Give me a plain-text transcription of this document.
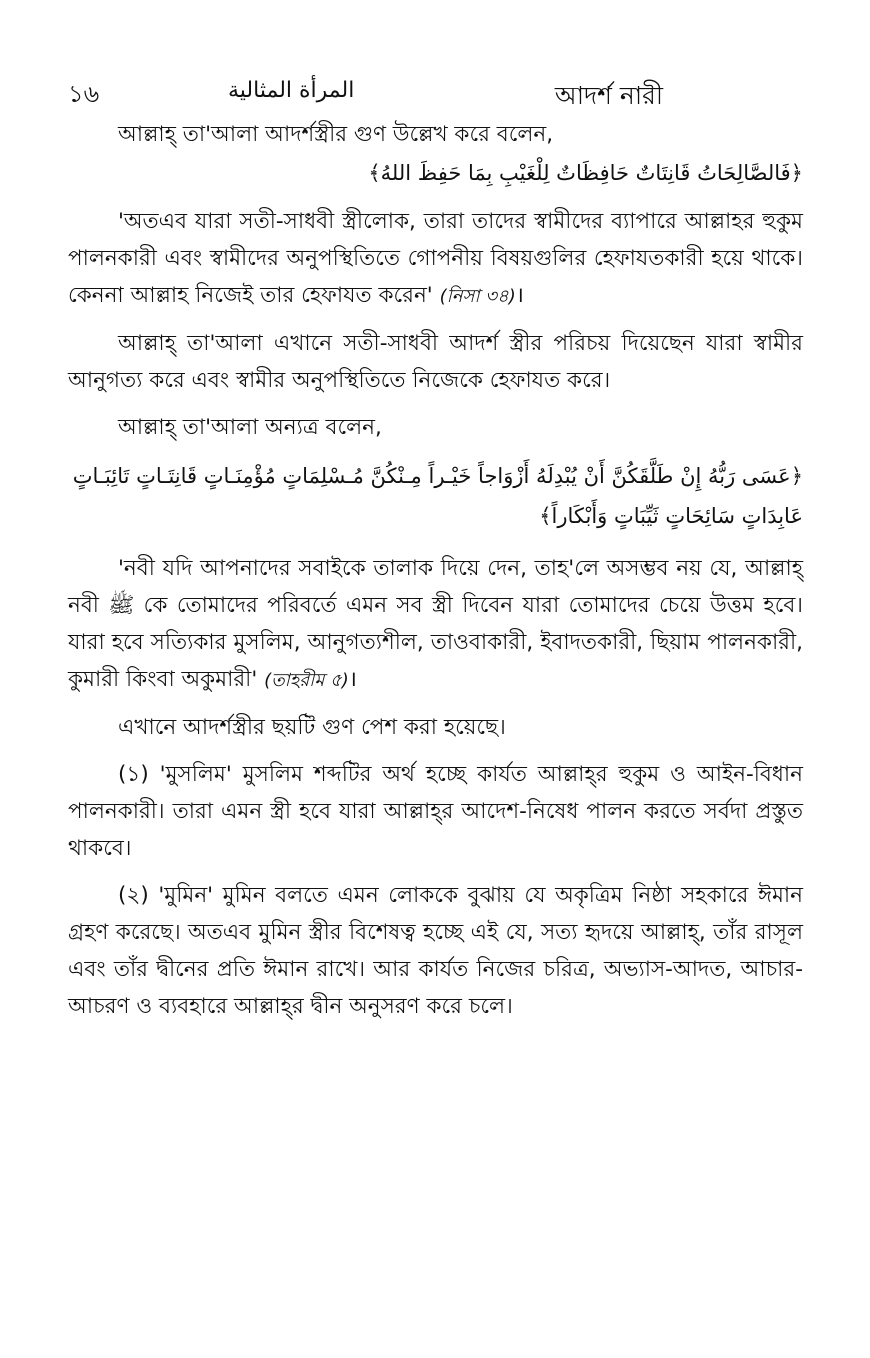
১৬	المرأة المثالية	আদর্শ নারী

আল্লাহ্‌ তা'আলা আদর্শস্ত্রীর গুণ উল্লেখ করে বলেন,

﴿فَالصَّالِحَاتُ قَانِتَاتٌ حَافِظَاتٌ لِلْغَيْبِ بِمَا حَفِظَ اللهُ﴾

'অতএব যারা সতী-সাধবী স্ত্রীলোক, তারা তাদের স্বামীদের ব্যাপারে আল্লাহর হুকুম পালনকারী এবং স্বামীদের অনুপস্থিতিতে গোপনীয় বিষয়গুলির হেফাযতকারী হয়ে থাকে। কেননা আল্লাহ নিজেই তার হেফাযত করেন' (নিসা ৩৪)।

আল্লাহ্‌ তা'আলা এখানে সতী-সাধবী আদর্শ স্ত্রীর পরিচয় দিয়েছেন যারা স্বামীর আনুগত্য করে এবং স্বামীর অনুপস্থিতিতে নিজেকে হেফাযত করে।

আল্লাহ্‌ তা'আলা অন্যত্র বলেন,

﴿عَسَى رَبُّهُ إِنْ طَلَّقَكُنَّ أَنْ يُبْدِلَهُ أَزْوَاجاً خَيْـراً مِـنْكُنَّ مُـسْلِمَاتٍ مُؤْمِنَـاتٍ قَانِتَـاتٍ تَائِبَـاتٍ

عَابِدَاتٍ سَائِحَاتٍ ثَيِّبَاتٍ وَأَبْكَاراً﴾

'নবী যদি আপনাদের সবাইকে তালাক দিয়ে দেন, তাহ'লে অসম্ভব নয় যে, আল্লাহ্‌ নবী ﷺ কে তোমাদের পরিবর্তে এমন সব স্ত্রী দিবেন যারা তোমাদের চেয়ে উত্তম হবে। যারা হবে সত্যিকার মুসলিম, আনুগত্যশীল, তাওবাকারী, ইবাদতকারী, ছিয়াম পালনকারী, কুমারী কিংবা অকুমারী' (তাহরীম ৫)।

এখানে আদর্শস্ত্রীর ছয়টি গুণ পেশ করা হয়েছে।

(১) 'মুসলিম' মুসলিম শব্দটির অর্থ হচ্ছে কার্যত আল্লাহ্‌র হুকুম ও আইন-বিধান পালনকারী। তারা এমন স্ত্রী হবে যারা আল্লাহ্‌র আদেশ-নিষেধ পালন করতে সর্বদা প্রস্তুত থাকবে।

(২) 'মুমিন' মুমিন বলতে এমন লোককে বুঝায় যে অকৃত্রিম নিষ্ঠা সহকারে ঈমান গ্রহণ করেছে। অতএব মুমিন স্ত্রীর বিশেষত্ব হচ্ছে এই যে, সত্য হৃদয়ে আল্লাহ্‌, তাঁর রাসূল এবং তাঁর দ্বীনের প্রতি ঈমান রাখে। আর কার্যত নিজের চরিত্র, অভ্যাস-আদত, আচার-আচরণ ও ব্যবহারে আল্লাহ্‌র দ্বীন অনুসরণ করে চলে।
